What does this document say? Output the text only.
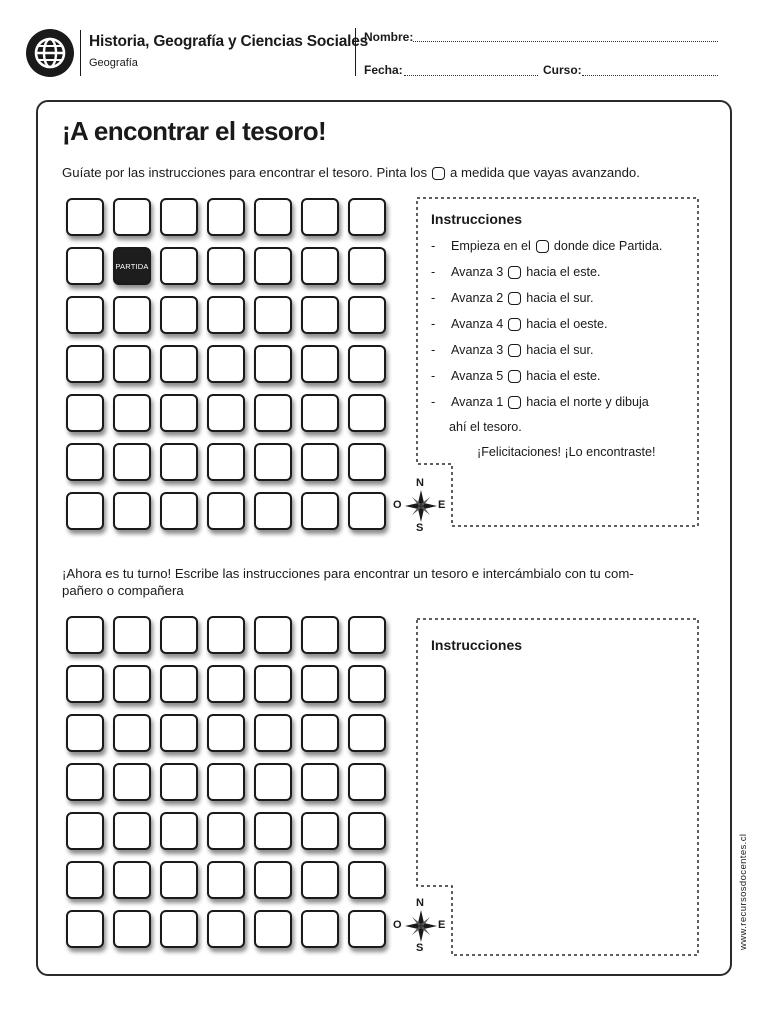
Historia, Geografía y Ciencias Sociales
Geografía
Nombre:
Fecha:	Curso:
¡A encontrar el tesoro!
Guíate por las instrucciones para encontrar el tesoro. Pinta los a medida que vayas avanzando.
PARTIDA
Instrucciones
- Empieza en el donde dice Partida.
- Avanza 3 hacia el este.
- Avanza 2 hacia el sur.
- Avanza 4 hacia el oeste.
- Avanza 3 hacia el sur.
- Avanza 5 hacia el este.
- Avanza 1 hacia el norte y dibuja
ahí el tesoro.
¡Felicitaciones! ¡Lo encontraste!
N
S
E
O
¡Ahora es tu turno! Escribe las instrucciones para encontrar un tesoro e intercámbialo con tu com-
pañero o compañera
Instrucciones
N
S
E
O	www.recursosdocentes.cl
